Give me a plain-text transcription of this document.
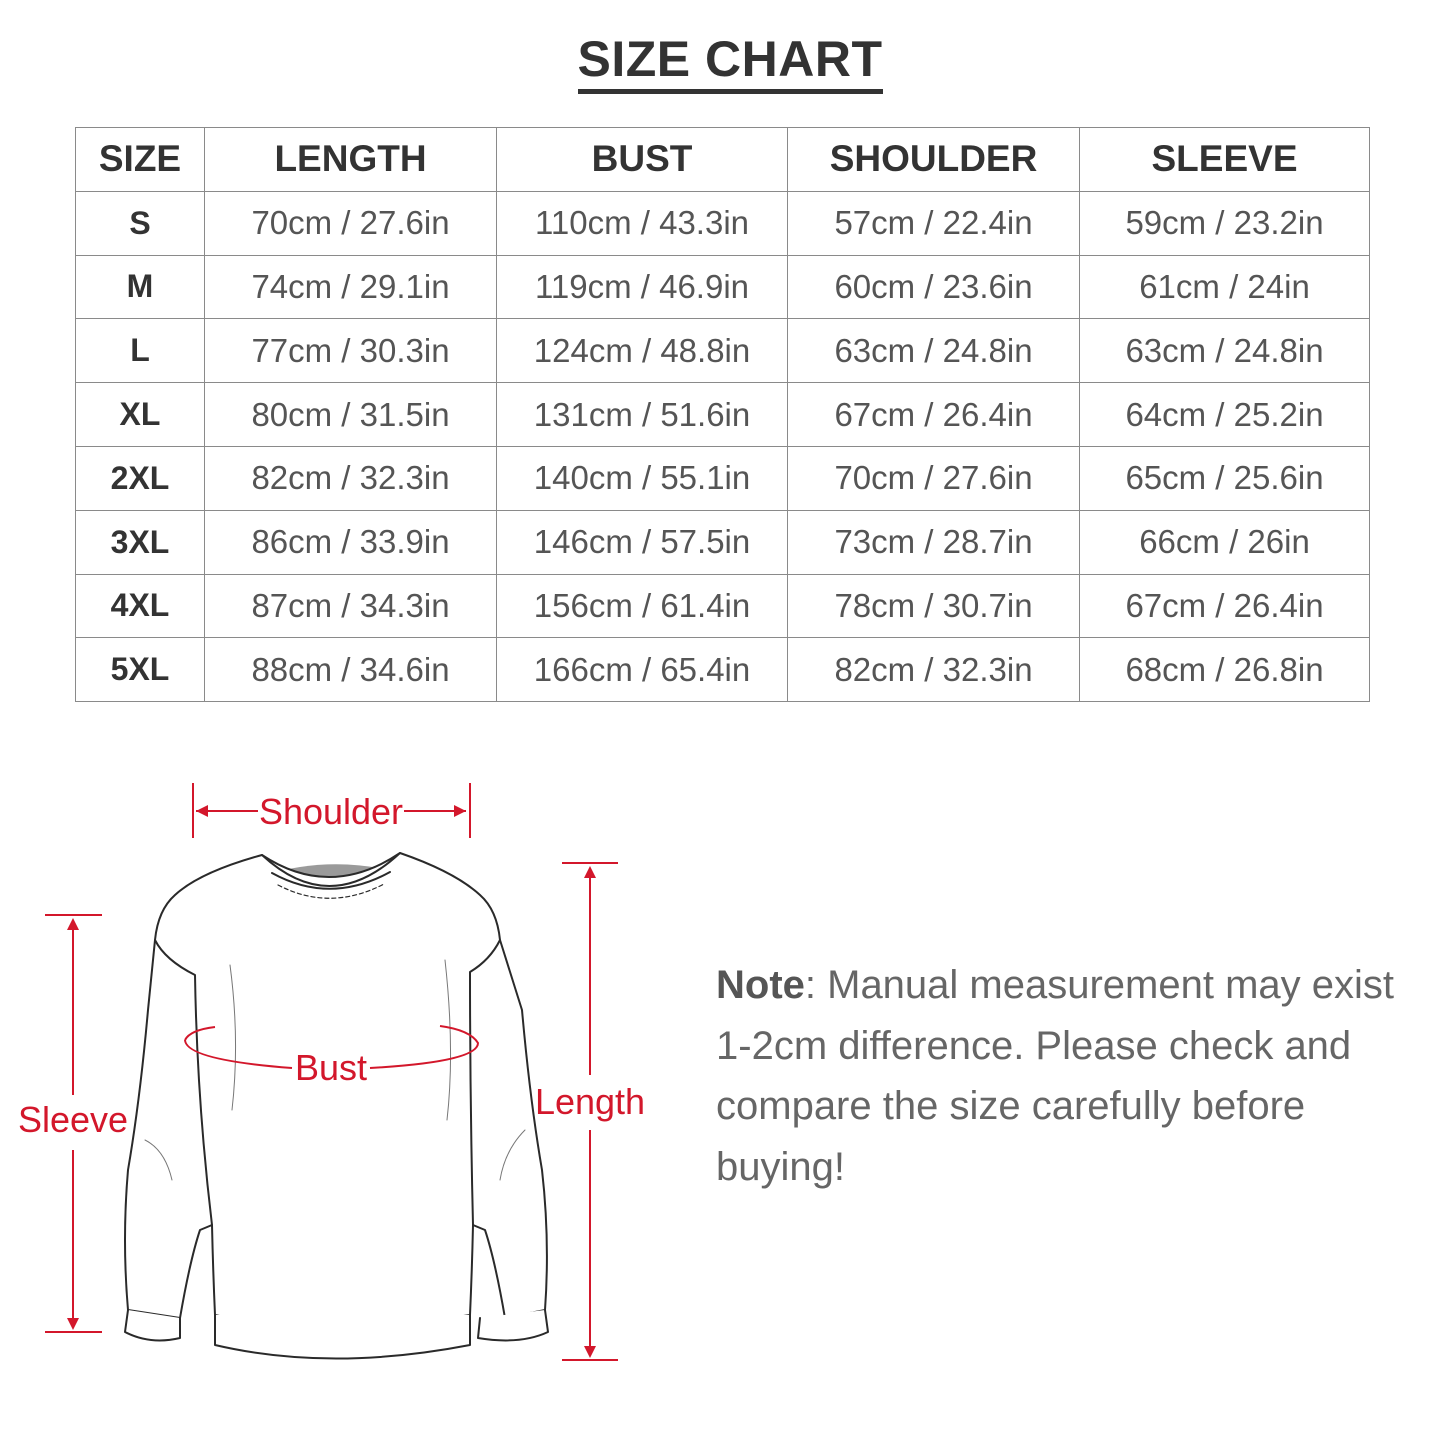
SIZE CHART
SIZE	LENGTH	BUST	SHOULDER	SLEEVE
S	70cm / 27.6in	110cm / 43.3in	57cm / 22.4in	59cm / 23.2in
M	74cm / 29.1in	119cm / 46.9in	60cm / 23.6in	61cm / 24in
L	77cm / 30.3in	124cm / 48.8in	63cm / 24.8in	63cm / 24.8in
XL	80cm / 31.5in	131cm / 51.6in	67cm / 26.4in	64cm / 25.2in
2XL	82cm / 32.3in	140cm / 55.1in	70cm / 27.6in	65cm / 25.6in
3XL	86cm / 33.9in	146cm / 57.5in	73cm / 28.7in	66cm / 26in
4XL	87cm / 34.3in	156cm / 61.4in	78cm / 30.7in	67cm / 26.4in
5XL	88cm / 34.6in	166cm / 65.4in	82cm / 32.3in	68cm / 26.8in
Shoulder
Bust
Sleeve	Length
Note: Manual measurement may exist 1-2cm difference. Please check and compare the size carefully before buying!
